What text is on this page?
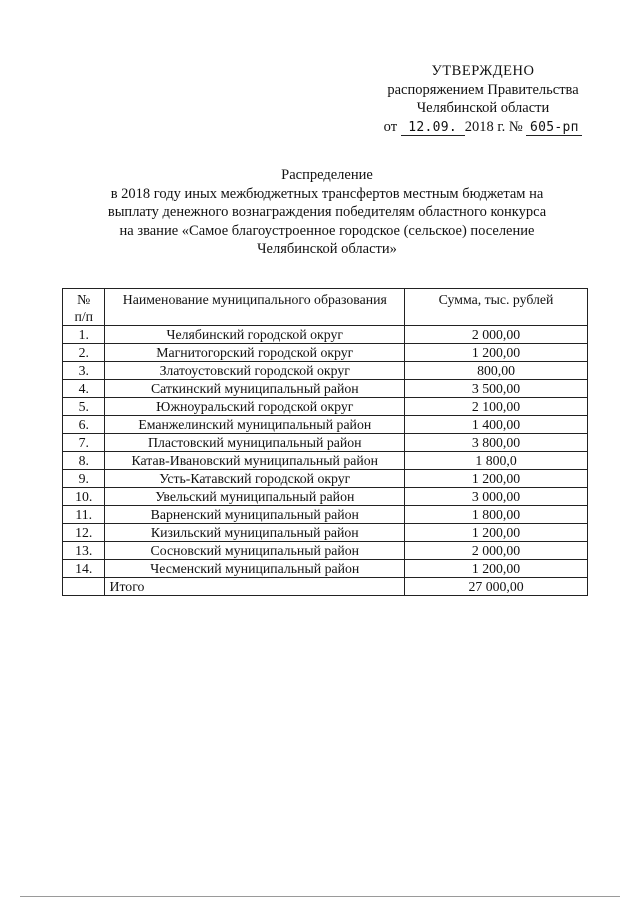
УТВЕРЖДЕНО
распоряжением Правительства
Челябинской области
от 12.09. 2018 г. № 605-рп
Распределение
в 2018 году иных межбюджетных трансфертов местным бюджетам на
выплату денежного вознаграждения победителям областного конкурса
на звание «Самое благоустроенное городское (сельское) поселение
Челябинской области»
№
п/п	Наименование муниципального образования	Сумма, тыс. рублей
1.	Челябинский городской округ	2 000,00
2.	Магнитогорский городской округ	1 200,00
3.	Златоустовский городской округ	800,00
4.	Саткинский муниципальный район	3 500,00
5.	Южноуральский городской округ	2 100,00
6.	Еманжелинский муниципальный район	1 400,00
7.	Пластовский муниципальный район	3 800,00
8.	Катав-Ивановский муниципальный район	1 800,0
9.	Усть-Катавский городской округ	1 200,00
10.	Увельский муниципальный район	3 000,00
11.	Варненский муниципальный район	1 800,00
12.	Кизильский муниципальный район	1 200,00
13.	Сосновский муниципальный район	2 000,00
14.	Чесменский муниципальный район	1 200,00
	Итого	27 000,00
